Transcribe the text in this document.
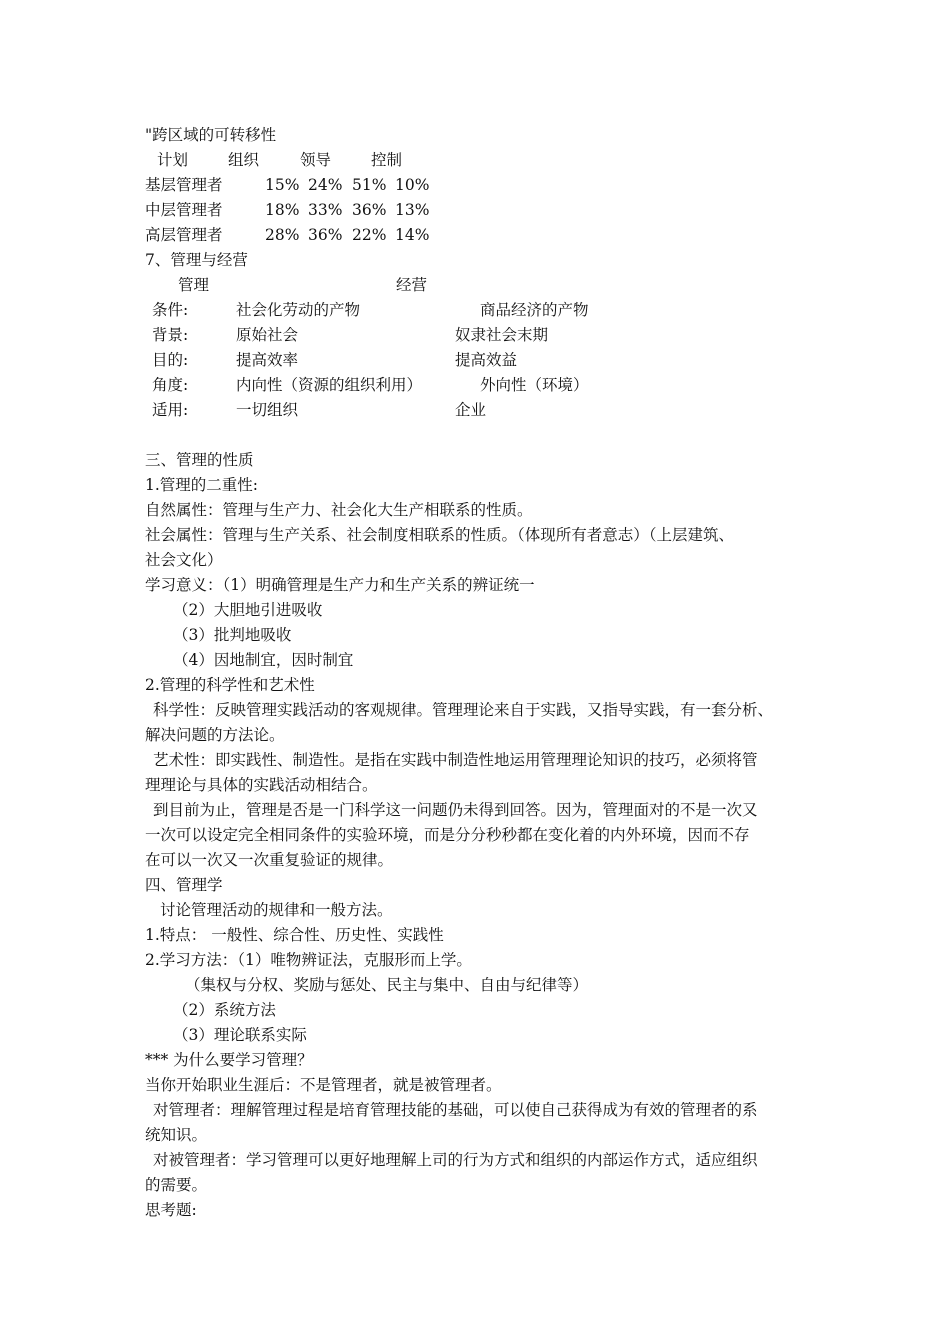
"跨区域的可转移性
计划	组织	领导	控制
基层管理者	15% 24% 51% 10%
中层管理者	18% 33% 36% 13%
高层管理者	28% 36% 22% 14%
7、管理与经营
管理	经营
条件:	社会化劳动的产物	商品经济的产物
背景:	原始社会	奴隶社会末期
目的:	提高效率	提高效益
角度:	内向性（资源的组织利用）	外向性（环境）
适用:	一切组织	企业
三、管理的性质
1.管理的二重性:
自然属性：管理与生产力、社会化大生产相联系的性质。
社会属性：管理与生产关系、社会制度相联系的性质。（体现所有者意志）（上层建筑、
社会文化）
学习意义：（1）明确管理是生产力和生产关系的辨证统一
（2）大胆地引进吸收
（3）批判地吸收
（4）因地制宜，因时制宜
2.管理的科学性和艺术性
科学性：反映管理实践活动的客观规律。管理理论来自于实践，又指导实践，有一套分析、
解决问题的方法论。
艺术性：即实践性、制造性。是指在实践中制造性地运用管理理论知识的技巧，必须将管
理理论与具体的实践活动相结合。
到目前为止，管理是否是一门科学这一问题仍未得到回答。因为，管理面对的不是一次又
一次可以设定完全相同条件的实验环境，而是分分秒秒都在变化着的内外环境，因而不存
在可以一次又一次重复验证的规律。
四、管理学
讨论管理活动的规律和一般方法。
1.特点： 一般性、综合性、历史性、实践性
2.学习方法：（1）唯物辨证法，克服形而上学。
（集权与分权、奖励与惩处、民主与集中、自由与纪律等）
（2）系统方法
（3）理论联系实际
*** 为什么要学习管理？
当你开始职业生涯后：不是管理者，就是被管理者。
对管理者：理解管理过程是培育管理技能的基础，可以使自己获得成为有效的管理者的系
统知识。
对被管理者：学习管理可以更好地理解上司的行为方式和组织的内部运作方式，适应组织
的需要。
思考题:
